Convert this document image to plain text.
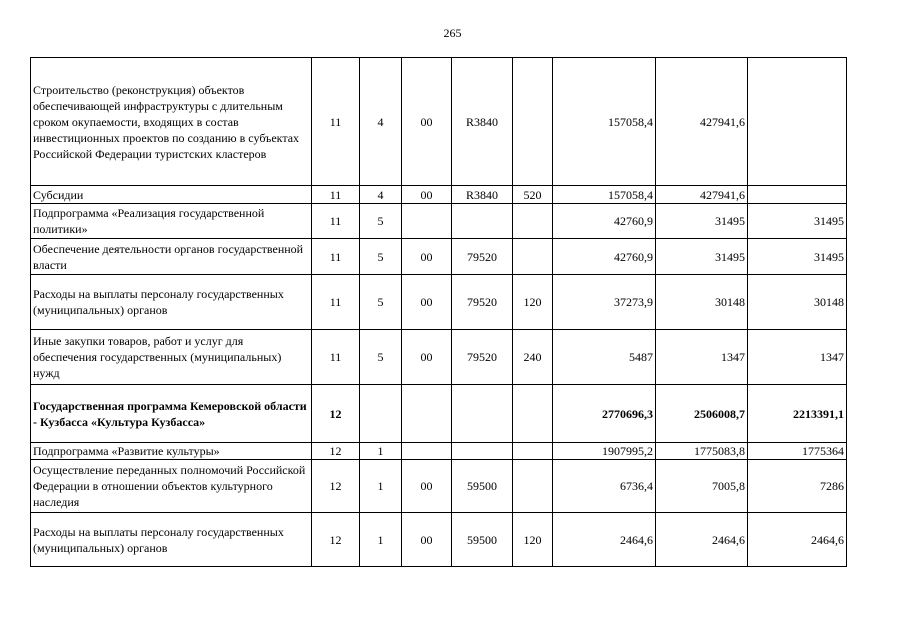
265
Строительство (реконструкция) объектов обеспечивающей инфраструктуры с длительным сроком окупаемости, входящих в состав инвестиционных проектов по созданию в субъектах Российской Федерации туристских кластеров	11	4	00	R3840		157058,4	427941,6	
Субсидии	11	4	00	R3840	520	157058,4	427941,6	
Подпрограмма «Реализация государственной политики»	11	5				42760,9	31495	31495
Обеспечение деятельности органов государственной власти	11	5	00	79520		42760,9	31495	31495
Расходы на выплаты персоналу государственных (муниципальных) органов	11	5	00	79520	120	37273,9	30148	30148
Иные закупки товаров, работ и услуг для обеспечения государственных (муниципальных) нужд	11	5	00	79520	240	5487	1347	1347
Государственная программа Кемеровской области - Кузбасса «Культура Кузбасса»	12					2770696,3	2506008,7	2213391,1
Подпрограмма «Развитие культуры»	12	1				1907995,2	1775083,8	1775364
Осуществление переданных полномочий Российской Федерации в отношении объектов культурного наследия	12	1	00	59500		6736,4	7005,8	7286
Расходы на выплаты персоналу государственных (муниципальных) органов	12	1	00	59500	120	2464,6	2464,6	2464,6
